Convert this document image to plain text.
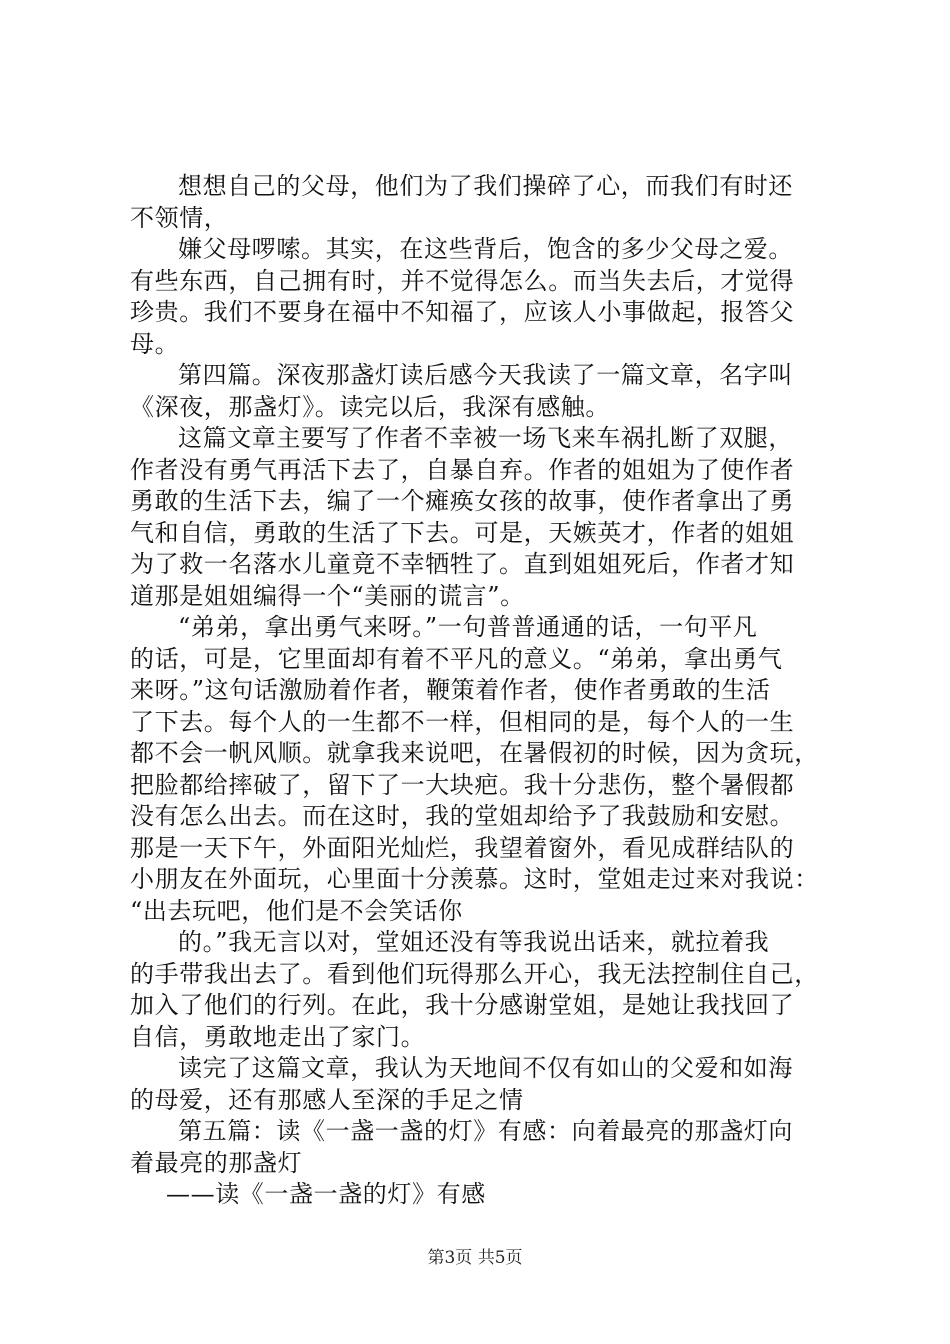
想想自己的父母，他们为了我们操碎了心，而我们有时还
不领情，

嫌父母啰嗦。其实，在这些背后，饱含的多少父母之爱。
有些东西，自己拥有时，并不觉得怎么。而当失去后，才觉得
珍贵。我们不要身在福中不知福了，应该人小事做起，报答父
母。

第四篇。深夜那盏灯读后感今天我读了一篇文章，名字叫
《深夜，那盏灯》。读完以后，我深有感触。

这篇文章主要写了作者不幸被一场飞来车祸扎断了双腿，
作者没有勇气再活下去了，自暴自弃。作者的姐姐为了使作者
勇敢的生活下去，编了一个瘫痪女孩的故事，使作者拿出了勇
气和自信，勇敢的生活了下去。可是，天嫉英才，作者的姐姐
为了救一名落水儿童竟不幸牺牲了。直到姐姐死后，作者才知
道那是姐姐编得一个“美丽的谎言”。

“弟弟，拿出勇气来呀。”一句普普通通的话，一句平凡
的话，可是，它里面却有着不平凡的意义。“弟弟，拿出勇气
来呀。”这句话激励着作者，鞭策着作者，使作者勇敢的生活
了下去。每个人的一生都不一样，但相同的是，每个人的一生
都不会一帆风顺。就拿我来说吧，在暑假初的时候，因为贪玩，
把脸都给摔破了，留下了一大块疤。我十分悲伤，整个暑假都
没有怎么出去。而在这时，我的堂姐却给予了我鼓励和安慰。
那是一天下午，外面阳光灿烂，我望着窗外，看见成群结队的
小朋友在外面玩，心里面十分羡慕。这时，堂姐走过来对我说：
“出去玩吧，他们是不会笑话你

的。”我无言以对，堂姐还没有等我说出话来，就拉着我
的手带我出去了。看到他们玩得那么开心，我无法控制住自己，
加入了他们的行列。在此，我十分感谢堂姐，是她让我找回了
自信，勇敢地走出了家门。

读完了这篇文章，我认为天地间不仅有如山的父爱和如海
的母爱，还有那感人至深的手足之情

第五篇：读《一盏一盏的灯》有感：向着最亮的那盏灯向
着最亮的那盏灯

——读《一盏一盏的灯》有感

第3页 共5页
